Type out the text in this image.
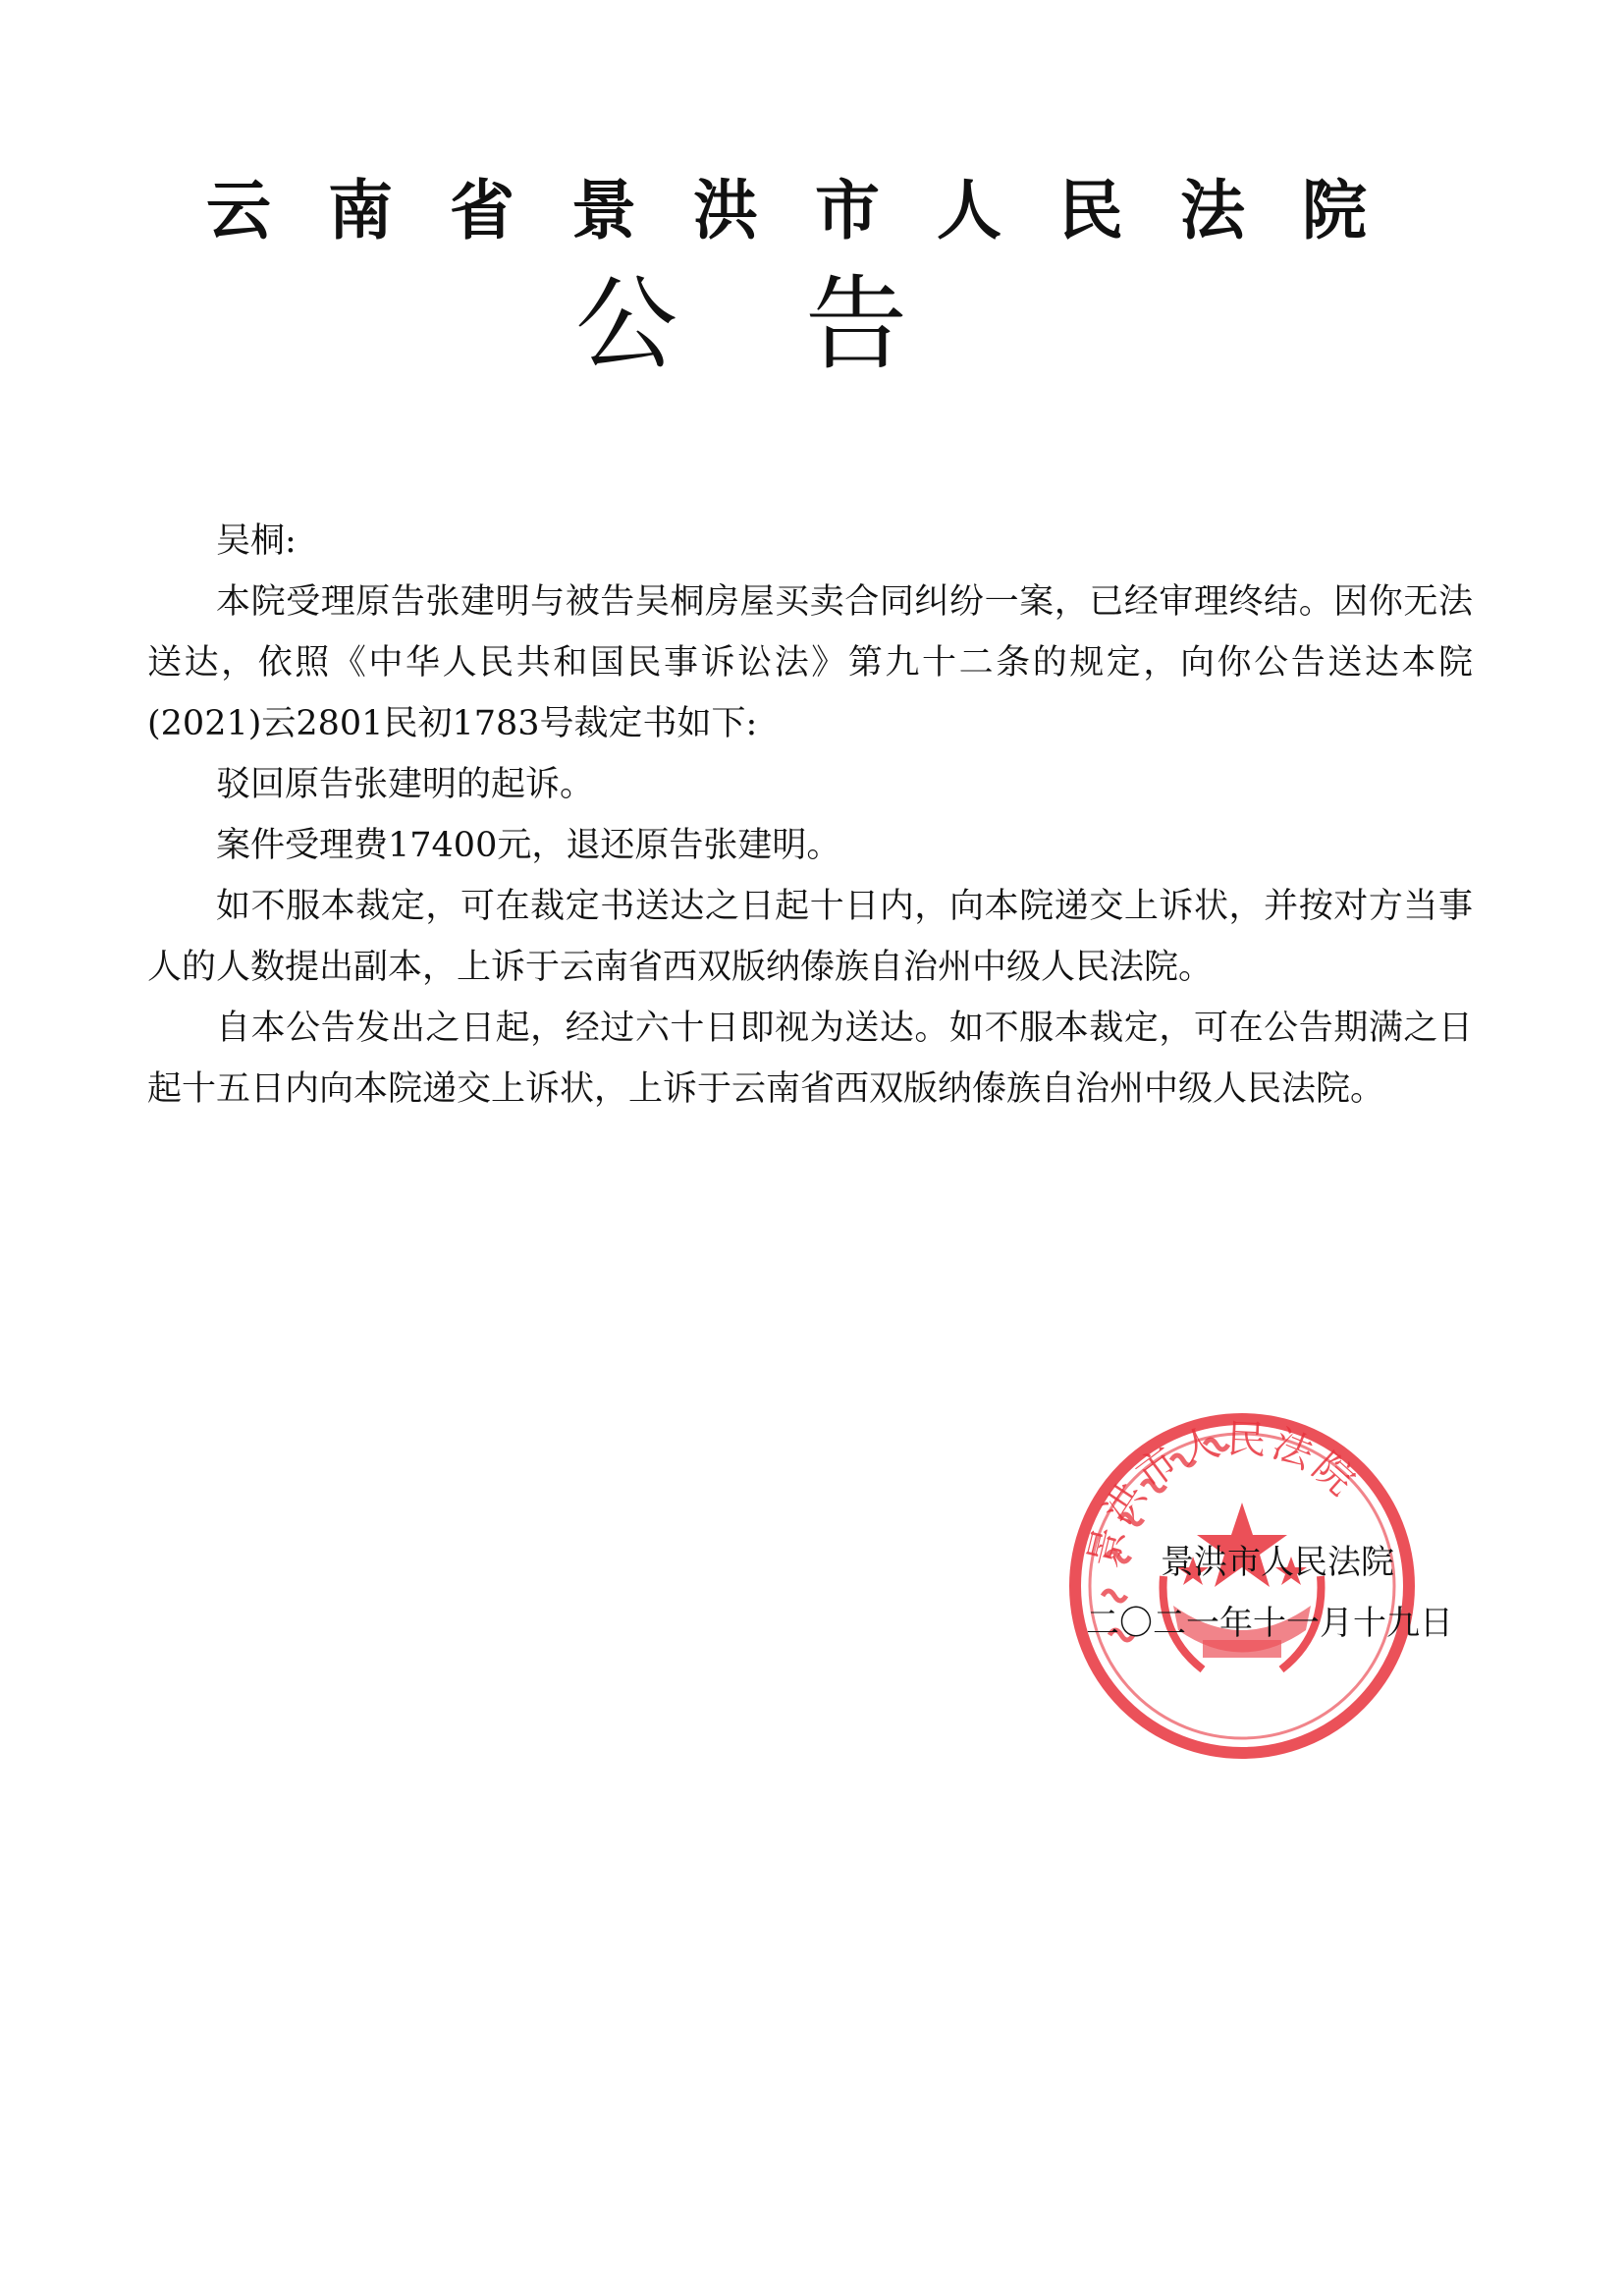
云南省景洪市人民法院
公告

吴桐:

本院受理原告张建明与被告吴桐房屋买卖合同纠纷一案，已经审理终结。因你无法送达，依照《中华人民共和国民事诉讼法》第九十二条的规定，向你公告送达本院(2021)云2801民初1783号裁定书如下:

驳回原告张建明的起诉。

案件受理费17400元，退还原告张建明。

如不服本裁定，可在裁定书送达之日起十日内，向本院递交上诉状，并按对方当事人的人数提出副本，上诉于云南省西双版纳傣族自治州中级人民法院。

自本公告发出之日起，经过六十日即视为送达。如不服本裁定，可在公告期满之日起十五日内向本院递交上诉状，上诉于云南省西双版纳傣族自治州中级人民法院。

景洪市人民法院
景洪市人民法院
二〇二一年十一月十九日
